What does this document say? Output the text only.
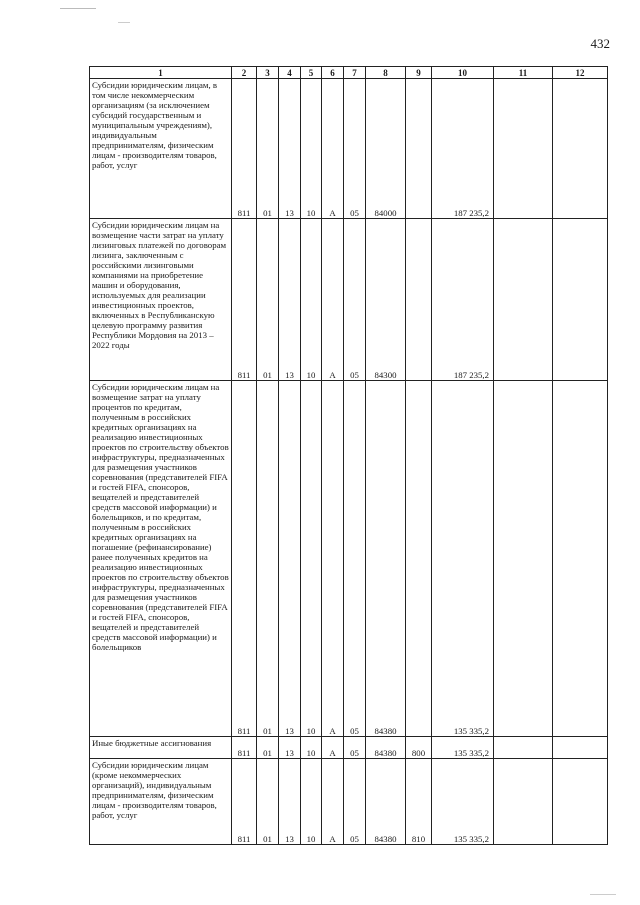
432
1	2	3	4	5	6	7	8	9	10	11	12
Субсидии юридическим лицам, в том числе некоммерческим организациям (за исключением субсидий государственным и муниципальным учреждениям), индивидуальным предпринимателям, физическим лицам - производителям товаров, работ, услуг	811	01	13	10	А	05	84000		187 235,2		
Субсидии юридическим лицам на возмещение части затрат на уплату лизинговых платежей по договорам лизинга, заключенным с российскими лизинговыми компаниями на приобретение машин и оборудования, используемых для реализации инвестиционных проектов, включенных в Республиканскую целевую программу развития Республики Мордовия на 2013 – 2022 годы	811	01	13	10	А	05	84300		187 235,2		
Субсидии юридическим лицам на возмещение затрат на уплату процентов по кредитам, полученным в российских кредитных организациях на реализацию инвестиционных проектов по строительству объектов инфраструктуры, предназначенных для размещения участников соревнования (представителей FIFA и гостей FIFA, спонсоров, вещателей и представителей средств массовой информации) и болельщиков, и по кредитам, полученным в российских кредитных организациях на погашение (рефинансирование) ранее полученных кредитов на реализацию инвестиционных проектов по строительству объектов инфраструктуры, предназначенных для размещения участников соревнования (представителей FIFA и гостей FIFA, спонсоров, вещателей и представителей средств массовой информации) и болельщиков	811	01	13	10	А	05	84380		135 335,2		
Иные бюджетные ассигнования	811	01	13	10	А	05	84380	800	135 335,2		
Субсидии юридическим лицам (кроме некоммерческих организаций), индивидуальным предпринимателям, физическим лицам - производителям товаров, работ, услуг	811	01	13	10	А	05	84380	810	135 335,2		
